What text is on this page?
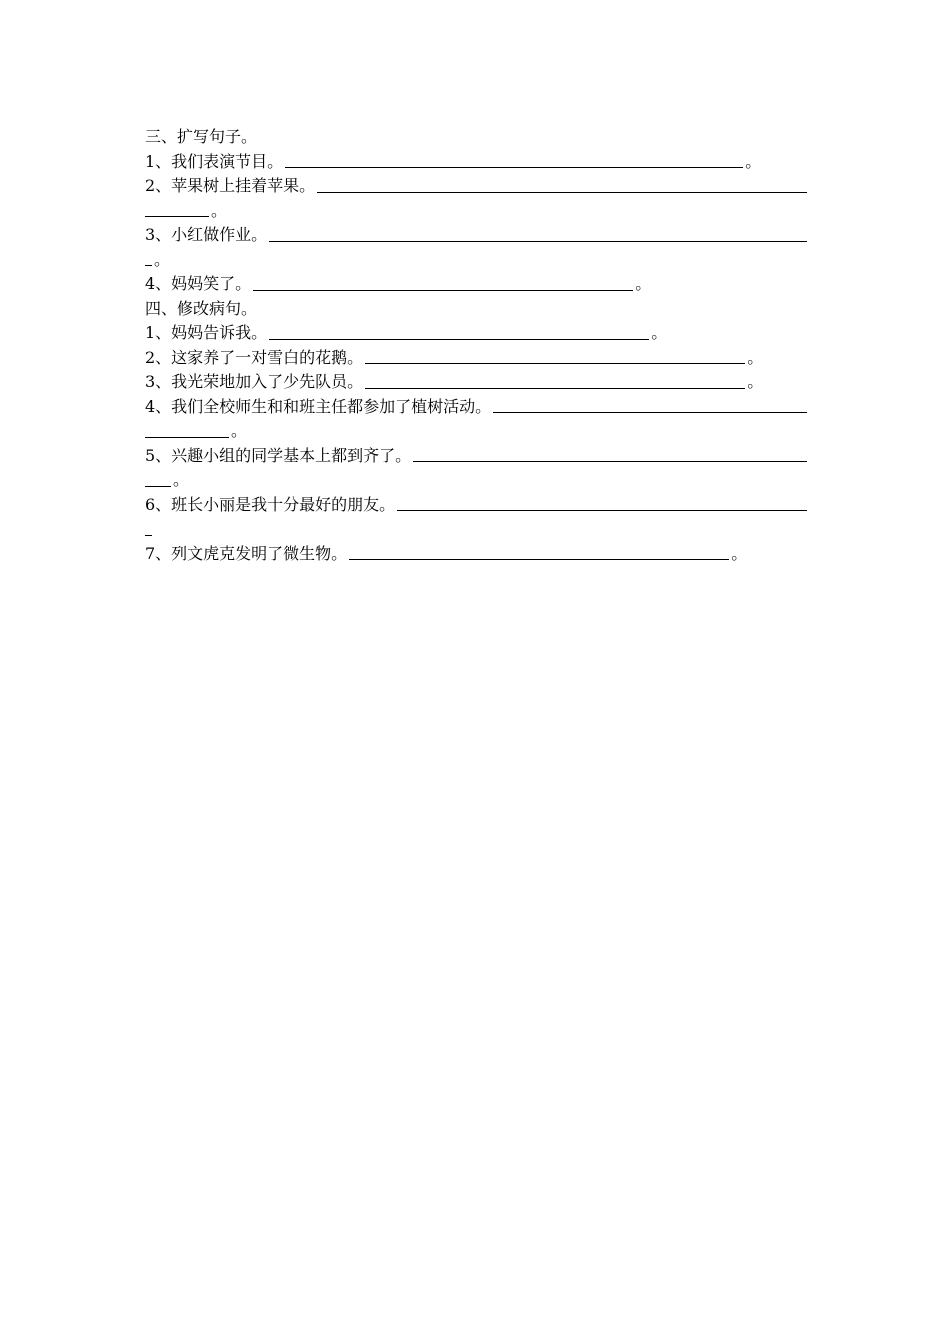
三、扩写句子。
1、我们表演节目。	。
2、苹果树上挂着苹果。
。
3、小红做作业。
。
4、妈妈笑了。	。
四、修改病句。
1、妈妈告诉我。	。
2、这家养了一对雪白的花鹅。	。
3、我光荣地加入了少先队员。	。
4、我们全校师生和和班主任都参加了植树活动。
。
5、兴趣小组的同学基本上都到齐了。
。
6、班长小丽是我十分最好的朋友。
7、列文虎克发明了微生物。	。
